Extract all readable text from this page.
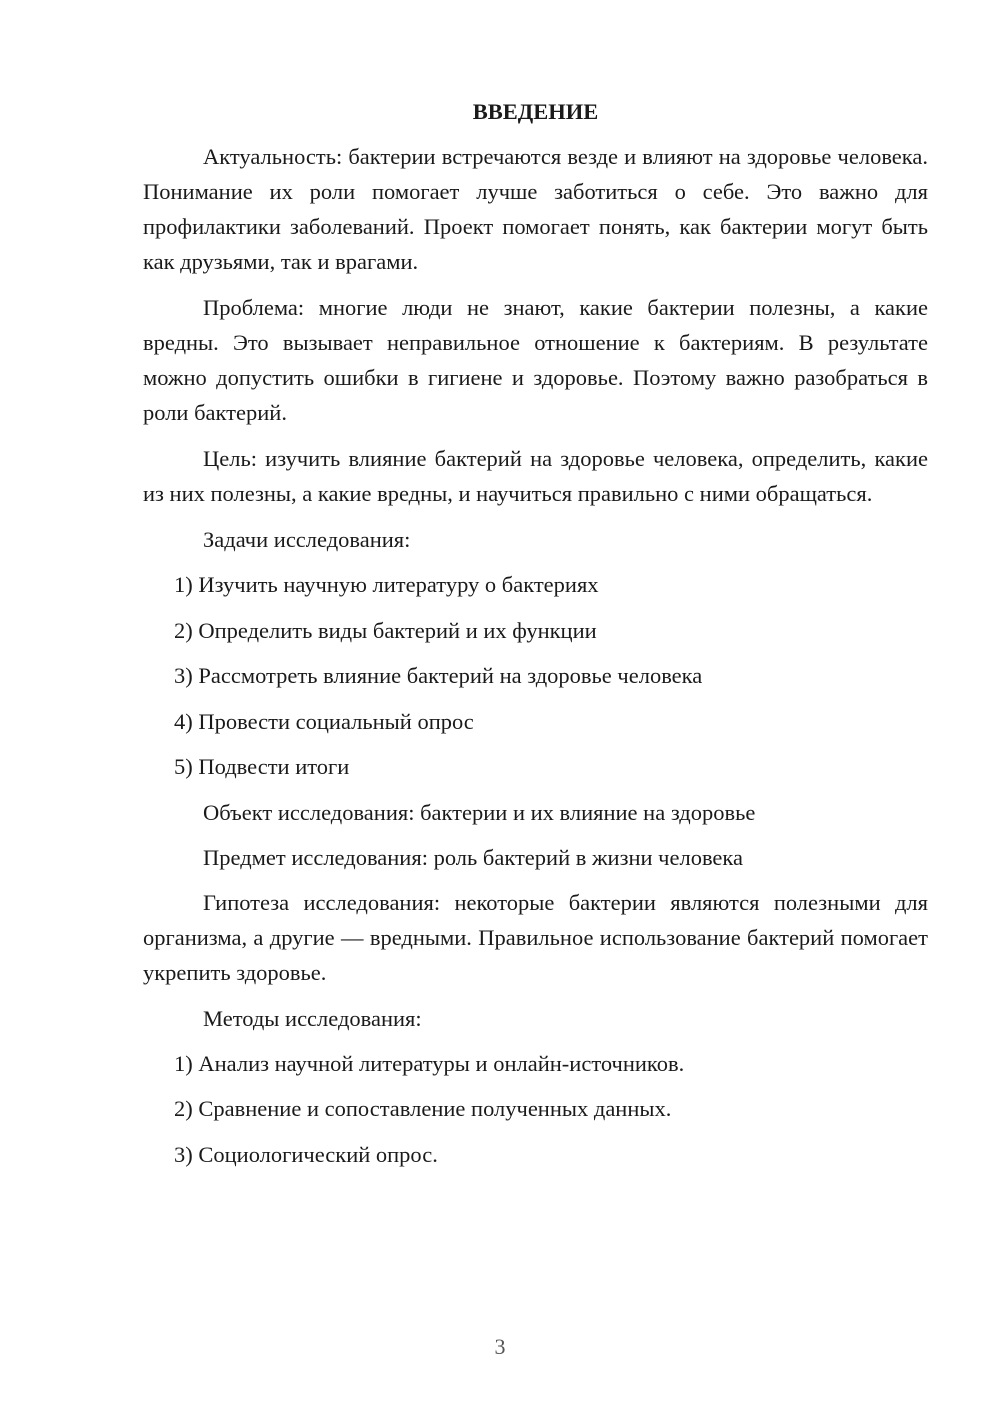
ВВЕДЕНИЕ

Актуальность: бактерии встречаются везде и влияют на здоровье человека. Понимание их роли помогает лучше заботиться о себе. Это важно для профилактики заболеваний. Проект помогает понять, как бактерии могут быть как друзьями, так и врагами.

Проблема: многие люди не знают, какие бактерии полезны, а какие вредны. Это вызывает неправильное отношение к бактериям. В результате можно допустить ошибки в гигиене и здоровье. Поэтому важно разобраться в роли бактерий.

Цель: изучить влияние бактерий на здоровье человека, определить, какие из них полезны, а какие вредны, и научиться правильно с ними обращаться.

Задачи исследования:
1) Изучить научную литературу о бактериях
2) Определить виды бактерий и их функции
3) Рассмотреть влияние бактерий на здоровье человека
4) Провести социальный опрос
5) Подвести итоги
Объект исследования: бактерии и их влияние на здоровье
Предмет исследования: роль бактерий в жизни человека

Гипотеза исследования: некоторые бактерии являются полезными для организма, а другие — вредными. Правильное использование бактерий помогает укрепить здоровье.

Методы исследования:
1) Анализ научной литературы и онлайн-источников.
2) Сравнение и сопоставление полученных данных.
3) Социологический опрос.
3
